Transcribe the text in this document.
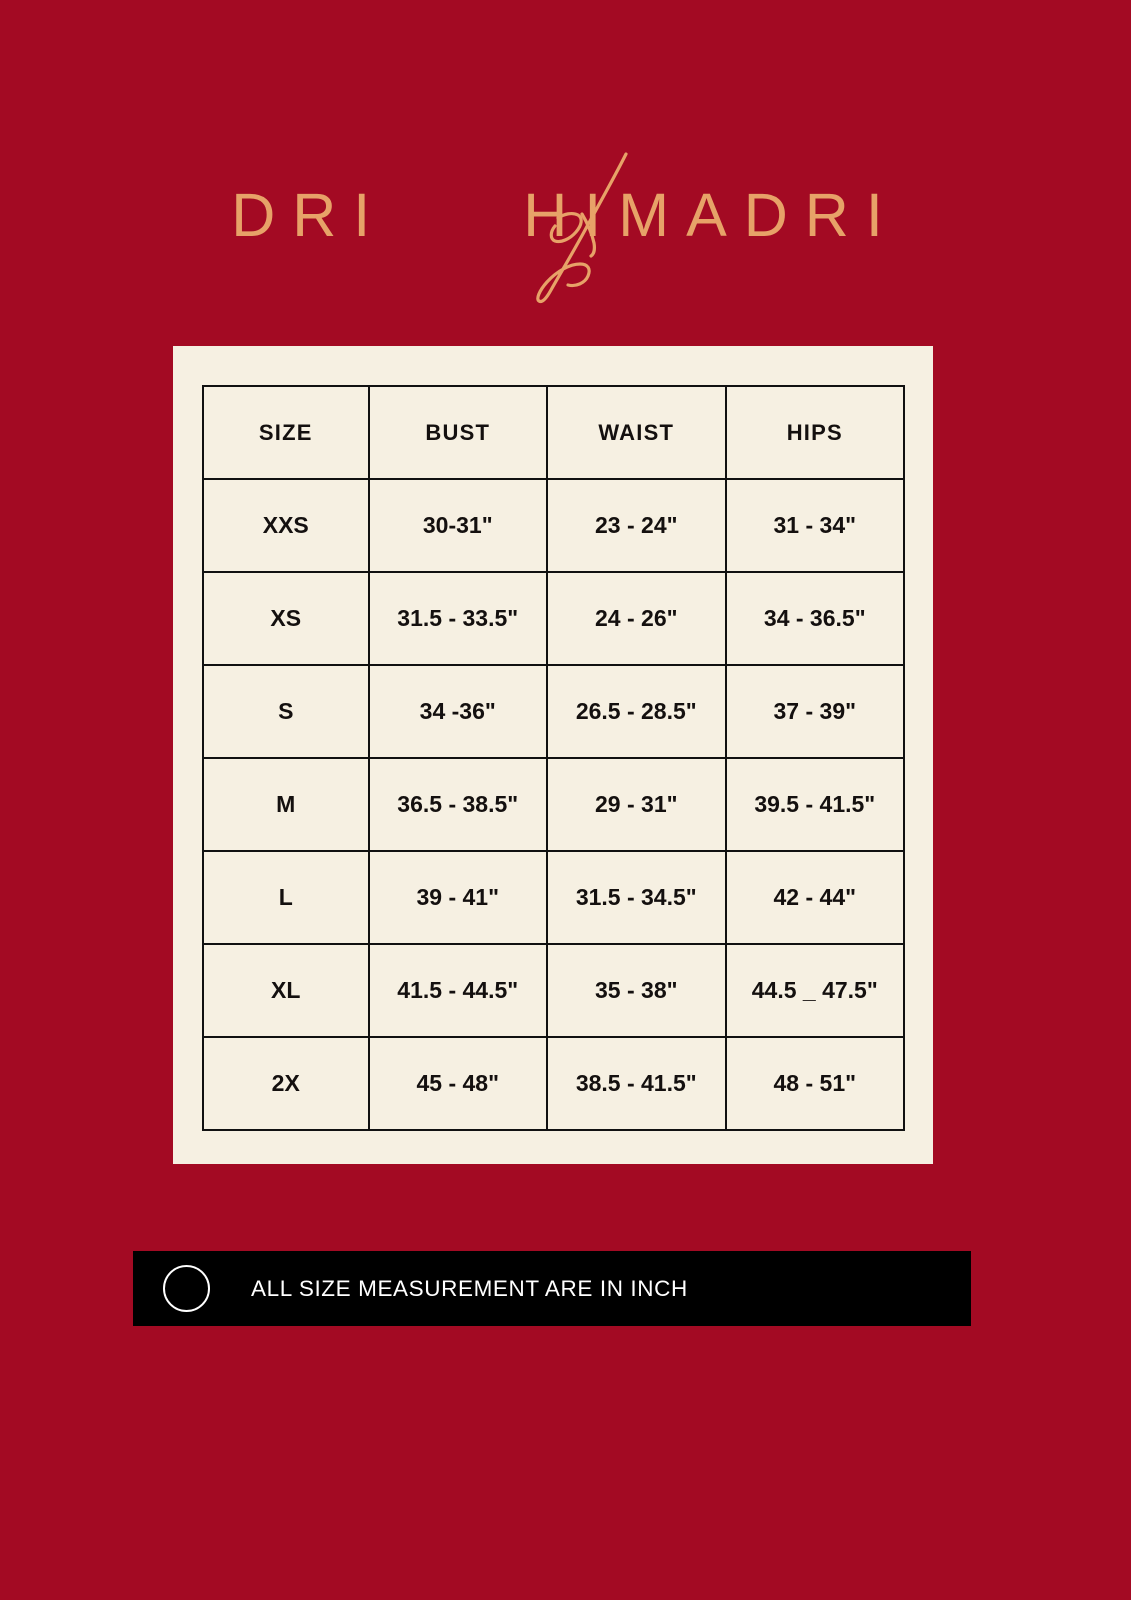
DRI HIMADRI
SIZE	BUST	WAIST	HIPS
XXS	30-31"	23 - 24"	31 - 34"
XS	31.5 - 33.5"	24 - 26"	34 - 36.5"
S	34 -36"	26.5 - 28.5"	37 - 39"
M	36.5 - 38.5"	29 - 31"	39.5 - 41.5"
L	39 - 41"	31.5 - 34.5"	42 - 44"
XL	41.5 - 44.5"	35 - 38"	44.5 _ 47.5"
2X	45 - 48"	38.5 - 41.5"	48 - 51"
ALL SIZE MEASUREMENT ARE IN INCH
